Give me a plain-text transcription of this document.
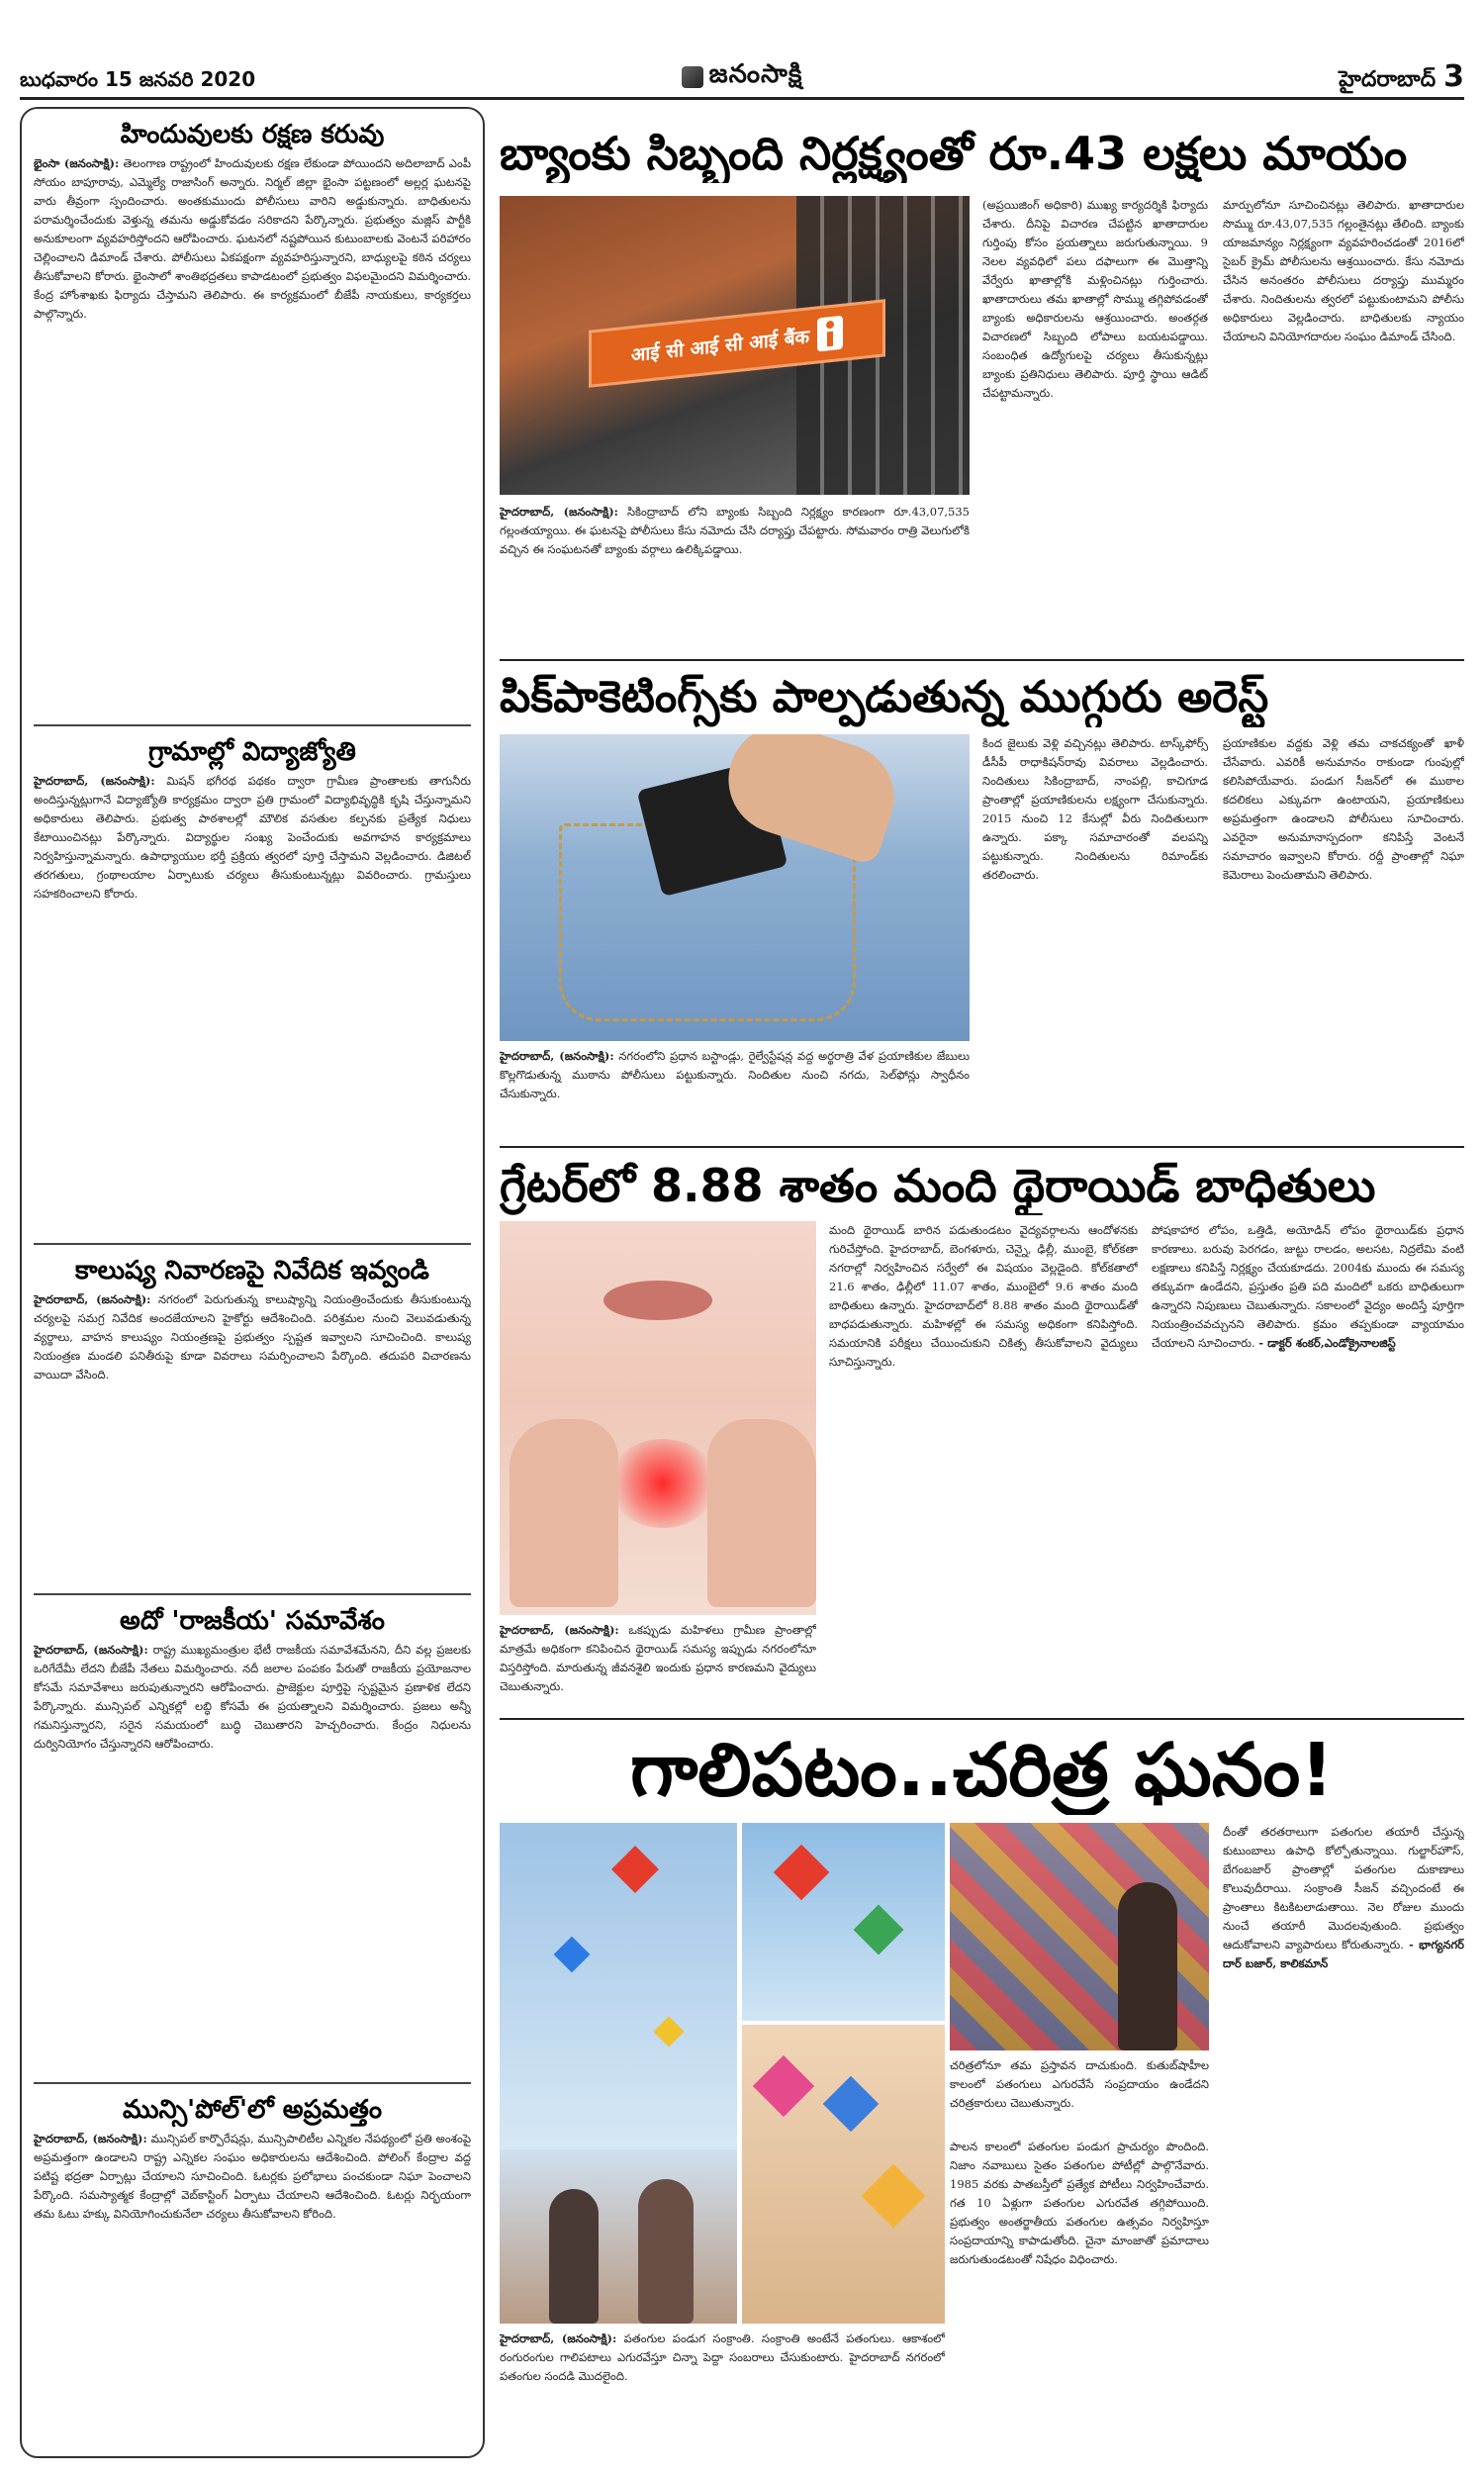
బుధవారం 15 జనవరి 2020	జనంసాక్షి	హైదరాబాద్ 3
హిందువులకు రక్షణ కరువు
భైంసా (జనంసాక్షి): తెలంగాణ రాష్ట్రంలో హిందువులకు రక్షణ లేకుండా పోయిందని అదిలాబాద్ ఎంపీ సోయం బాపూరావు, ఎమ్మెల్యే రాజాసింగ్ అన్నారు. నిర్మల్ జిల్లా భైంసా పట్టణంలో అల్లర్ల ఘటనపై వారు తీవ్రంగా స్పందించారు. అంతకుముందు పోలీసులు వారిని అడ్డుకున్నారు. బాధితులను పరామర్శించేందుకు వెళ్తున్న తమను అడ్డుకోవడం సరికాదని పేర్కొన్నారు. ప్రభుత్వం మజ్లిస్ పార్టీకి అనుకూలంగా వ్యవహరిస్తోందని ఆరోపించారు. ఘటనలో నష్టపోయిన కుటుంబాలకు వెంటనే పరిహారం చెల్లించాలని డిమాండ్ చేశారు. పోలీసులు ఏకపక్షంగా వ్యవహరిస్తున్నారని, బాధ్యులపై కఠిన చర్యలు తీసుకోవాలని కోరారు. భైంసాలో శాంతిభద్రతలు కాపాడటంలో ప్రభుత్వం విఫలమైందని విమర్శించారు. కేంద్ర హోంశాఖకు ఫిర్యాదు చేస్తామని తెలిపారు. ఈ కార్యక్రమంలో బీజేపీ నాయకులు, కార్యకర్తలు పాల్గొన్నారు.
గ్రామాల్లో విద్యాజ్యోతి
హైదరాబాద్, (జనంసాక్షి): మిషన్ భగీరథ పథకం ద్వారా గ్రామీణ ప్రాంతాలకు తాగునీరు అందిస్తున్నట్లుగానే విద్యాజ్యోతి కార్యక్రమం ద్వారా ప్రతి గ్రామంలో విద్యాభివృద్ధికి కృషి చేస్తున్నామని అధికారులు తెలిపారు. ప్రభుత్వ పాఠశాలల్లో మౌలిక వసతుల కల్పనకు ప్రత్యేక నిధులు కేటాయించినట్లు పేర్కొన్నారు. విద్యార్థుల సంఖ్య పెంచేందుకు అవగాహన కార్యక్రమాలు నిర్వహిస్తున్నామన్నారు. ఉపాధ్యాయుల భర్తీ ప్రక్రియ త్వరలో పూర్తి చేస్తామని వెల్లడించారు. డిజిటల్ తరగతులు, గ్రంథాలయాల ఏర్పాటుకు చర్యలు తీసుకుంటున్నట్లు వివరించారు. గ్రామస్తులు సహకరించాలని కోరారు.
కాలుష్య నివారణపై నివేదిక ఇవ్వండి
హైదరాబాద్, (జనంసాక్షి): నగరంలో పెరుగుతున్న కాలుష్యాన్ని నియంత్రించేందుకు తీసుకుంటున్న చర్యలపై సమగ్ర నివేదిక అందజేయాలని హైకోర్టు ఆదేశించింది. పరిశ్రమల నుంచి వెలువడుతున్న వ్యర్థాలు, వాహన కాలుష్యం నియంత్రణపై ప్రభుత్వం స్పష్టత ఇవ్వాలని సూచించింది. కాలుష్య నియంత్రణ మండలి పనితీరుపై కూడా వివరాలు సమర్పించాలని పేర్కొంది. తదుపరి విచారణను వాయిదా వేసింది.
అదో 'రాజకీయ' సమావేశం
హైదరాబాద్, (జనంసాక్షి): రాష్ట్ర ముఖ్యమంత్రుల భేటీ రాజకీయ సమావేశమేనని, దీని వల్ల ప్రజలకు ఒరిగేదేమీ లేదని బీజేపీ నేతలు విమర్శించారు. నదీ జలాల పంపకం పేరుతో రాజకీయ ప్రయోజనాల కోసమే సమావేశాలు జరుపుతున్నారని ఆరోపించారు. ప్రాజెక్టుల పూర్తిపై స్పష్టమైన ప్రణాళిక లేదని పేర్కొన్నారు. మున్సిపల్ ఎన్నికల్లో లబ్ధి కోసమే ఈ ప్రయత్నాలని విమర్శించారు. ప్రజలు అన్నీ గమనిస్తున్నారని, సరైన సమయంలో బుద్ధి చెబుతారని హెచ్చరించారు. కేంద్రం నిధులను దుర్వినియోగం చేస్తున్నారని ఆరోపించారు.
మున్సి'పోల్'లో అప్రమత్తం
హైదరాబాద్, (జనంసాక్షి): మున్సిపల్ కార్పొరేషన్లు, మున్సిపాలిటీల ఎన్నికల నేపథ్యంలో ప్రతి అంశంపై అప్రమత్తంగా ఉండాలని రాష్ట్ర ఎన్నికల సంఘం అధికారులను ఆదేశించింది. పోలింగ్ కేంద్రాల వద్ద పటిష్ట భద్రతా ఏర్పాట్లు చేయాలని సూచించింది. ఓటర్లకు ప్రలోభాలు పంచకుండా నిఘా పెంచాలని పేర్కొంది. సమస్యాత్మక కేంద్రాల్లో వెబ్‌కాస్టింగ్ ఏర్పాటు చేయాలని ఆదేశించింది. ఓటర్లు నిర్భయంగా తమ ఓటు హక్కు వినియోగించుకునేలా చర్యలు తీసుకోవాలని కోరింది.
బ్యాంకు సిబ్బంది నిర్లక్ష్యంతో రూ.43 లక్షలు మాయం
आई सी आई सी आई बैंक
హైదరాబాద్, (జనంసాక్షి): సికింద్రాబాద్ లోని బ్యాంకు సిబ్బంది నిర్లక్ష్యం కారణంగా రూ.43,07,535 గల్లంతయ్యాయి. ఈ ఘటనపై పోలీసులు కేసు నమోదు చేసి దర్యాప్తు చేపట్టారు. సోమవారం రాత్రి వెలుగులోకి వచ్చిన ఈ సంఘటనతో బ్యాంకు వర్గాలు ఉలిక్కిపడ్డాయి.
(అప్రయిజింగ్ అధికారి) ముఖ్య కార్యదర్శికి ఫిర్యాదు చేశారు. దీనిపై విచారణ చేపట్టిన ఖాతాదారుల గుర్తింపు కోసం ప్రయత్నాలు జరుగుతున్నాయి. 9 నెలల వ్యవధిలో పలు దఫాలుగా ఈ మొత్తాన్ని వేర్వేరు ఖాతాల్లోకి మళ్లించినట్లు గుర్తించారు. ఖాతాదారులు తమ ఖాతాల్లో సొమ్ము తగ్గిపోవడంతో బ్యాంకు అధికారులను ఆశ్రయించారు. అంతర్గత విచారణలో సిబ్బంది లోపాలు బయటపడ్డాయి. సంబంధిత ఉద్యోగులపై చర్యలు తీసుకున్నట్లు బ్యాంకు ప్రతినిధులు తెలిపారు. పూర్తి స్థాయి ఆడిట్ చేపట్టామన్నారు.
మార్పులోనూ సూచించినట్లు తెలిపారు. ఖాతాదారుల సొమ్ము రూ.43,07,535 గల్లంతైనట్లు తేలింది. బ్యాంకు యాజమాన్యం నిర్లక్ష్యంగా వ్యవహరించడంతో 2016లో సైబర్ క్రైమ్ పోలీసులను ఆశ్రయించారు. కేసు నమోదు చేసిన అనంతరం పోలీసులు దర్యాప్తు ముమ్మరం చేశారు. నిందితులను త్వరలో పట్టుకుంటామని పోలీసు అధికారులు వెల్లడించారు. బాధితులకు న్యాయం చేయాలని వినియోగదారుల సంఘం డిమాండ్ చేసింది.
పిక్‌పాకెటింగ్స్‌కు పాల్పడుతున్న ముగ్గురు అరెస్ట్
హైదరాబాద్, (జనంసాక్షి): నగరంలోని ప్రధాన బస్టాండ్లు, రైల్వేస్టేషన్ల వద్ద అర్థరాత్రి వేళ ప్రయాణికుల జేబులు కొల్లగొడుతున్న ముఠాను పోలీసులు పట్టుకున్నారు. నిందితుల నుంచి నగదు, సెల్‌ఫోన్లు స్వాధీనం చేసుకున్నారు.
కింద జైలుకు వెళ్లి వచ్చినట్లు తెలిపారు. టాస్క్‌ఫోర్స్ డీసీపీ రాధాకిషన్‌రావు వివరాలు వెల్లడించారు. నిందితులు సికింద్రాబాద్, నాంపల్లి, కాచిగూడ ప్రాంతాల్లో ప్రయాణికులను లక్ష్యంగా చేసుకున్నారు. 2015 నుంచి 12 కేసుల్లో వీరు నిందితులుగా ఉన్నారు. పక్కా సమాచారంతో వలపన్ని పట్టుకున్నారు. నిందితులను రిమాండ్‌కు తరలించారు.
ప్రయాణికుల వద్దకు వెళ్లి తమ చాకచక్యంతో ఖాళీ చేసేవారు. ఎవరికీ అనుమానం రాకుండా గుంపుల్లో కలిసిపోయేవారు. పండుగ సీజన్‌లో ఈ ముఠాల కదలికలు ఎక్కువగా ఉంటాయని, ప్రయాణికులు అప్రమత్తంగా ఉండాలని పోలీసులు సూచించారు. ఎవరైనా అనుమానాస్పదంగా కనిపిస్తే వెంటనే సమాచారం ఇవ్వాలని కోరారు. రద్దీ ప్రాంతాల్లో నిఘా కెమెరాలు పెంచుతామని తెలిపారు.
గ్రేటర్‌లో 8.88 శాతం మంది థైరాయిడ్ బాధితులు
హైదరాబాద్, (జనంసాక్షి): ఒకప్పుడు మహిళలు గ్రామీణ ప్రాంతాల్లో మాత్రమే అధికంగా కనిపించిన థైరాయిడ్ సమస్య ఇప్పుడు నగరంలోనూ విస్తరిస్తోంది. మారుతున్న జీవనశైలి ఇందుకు ప్రధాన కారణమని వైద్యులు చెబుతున్నారు.
మంది థైరాయిడ్ బారిన పడుతుండటం వైద్యవర్గాలను ఆందోళనకు గురిచేస్తోంది. హైదరాబాద్, బెంగళూరు, చెన్నై, ఢిల్లీ, ముంబై, కోల్‌కతా నగరాల్లో నిర్వహించిన సర్వేలో ఈ విషయం వెల్లడైంది. కోల్‌కతాలో 21.6 శాతం, ఢిల్లీలో 11.07 శాతం, ముంబైలో 9.6 శాతం మంది బాధితులు ఉన్నారు. హైదరాబాద్‌లో 8.88 శాతం మంది థైరాయిడ్‌తో బాధపడుతున్నారు. మహిళల్లో ఈ సమస్య అధికంగా కనిపిస్తోంది. సమయానికి పరీక్షలు చేయించుకుని చికిత్స తీసుకోవాలని వైద్యులు సూచిస్తున్నారు.
పోషకాహార లోపం, ఒత్తిడి, అయోడిన్ లోపం థైరాయిడ్‌కు ప్రధాన కారణాలు. బరువు పెరగడం, జుట్టు రాలడం, అలసట, నిద్రలేమి వంటి లక్షణాలు కనిపిస్తే నిర్లక్ష్యం చేయకూడదు. 2004కు ముందు ఈ సమస్య తక్కువగా ఉండేదని, ప్రస్తుతం ప్రతి పది మందిలో ఒకరు బాధితులుగా ఉన్నారని నిపుణులు చెబుతున్నారు. సకాలంలో వైద్యం అందిస్తే పూర్తిగా నియంత్రించవచ్చునని తెలిపారు. క్రమం తప్పకుండా వ్యాయామం చేయాలని సూచించారు. - డాక్టర్ శంకర్,ఎండోక్రైనాలజిస్ట్
గాలిపటం..చరిత్ర ఘనం!
చరిత్రలోనూ తమ ప్రస్తావన దాచుకుంది. కుతుబ్‌షాహీల కాలంలో పతంగులు ఎగురవేసే సంప్రదాయం ఉండేదని చరిత్రకారులు చెబుతున్నారు.
హైదరాబాద్, (జనంసాక్షి): పతంగుల పండుగ సంక్రాంతి. సంక్రాంతి అంటేనే పతంగులు. ఆకాశంలో రంగురంగుల గాలిపటాలు ఎగురవేస్తూ చిన్నా పెద్దా సంబరాలు చేసుకుంటారు. హైదరాబాద్ నగరంలో పతంగుల సందడి మొదలైంది.
పాలన కాలంలో పతంగుల పండుగ ప్రాచుర్యం పొందింది. నిజాం నవాబులు సైతం పతంగుల పోటీల్లో పాల్గొనేవారు. 1985 వరకు పాతబస్తీలో ప్రత్యేక పోటీలు నిర్వహించేవారు. గత 10 ఏళ్లుగా పతంగుల ఎగురవేత తగ్గిపోయింది. ప్రభుత్వం అంతర్జాతీయ పతంగుల ఉత్సవం నిర్వహిస్తూ సంప్రదాయాన్ని కాపాడుతోంది. చైనా మాంజాతో ప్రమాదాలు జరుగుతుండటంతో నిషేధం విధించారు.
దీంతో తరతరాలుగా పతంగుల తయారీ చేస్తున్న కుటుంబాలు ఉపాధి కోల్పోతున్నాయి. గుల్జార్‌హౌస్, బేగంబజార్ ప్రాంతాల్లో పతంగుల దుకాణాలు కొలువుదీరాయి. సంక్రాంతి సీజన్ వచ్చిందంటే ఈ ప్రాంతాలు కిటకిటలాడుతాయి. నెల రోజుల ముందు నుంచే తయారీ మొదలవుతుంది. ప్రభుత్వం ఆదుకోవాలని వ్యాపారులు కోరుతున్నారు. - భాగ్యనగర్ దార్ బజార్, కాలికమాన్
